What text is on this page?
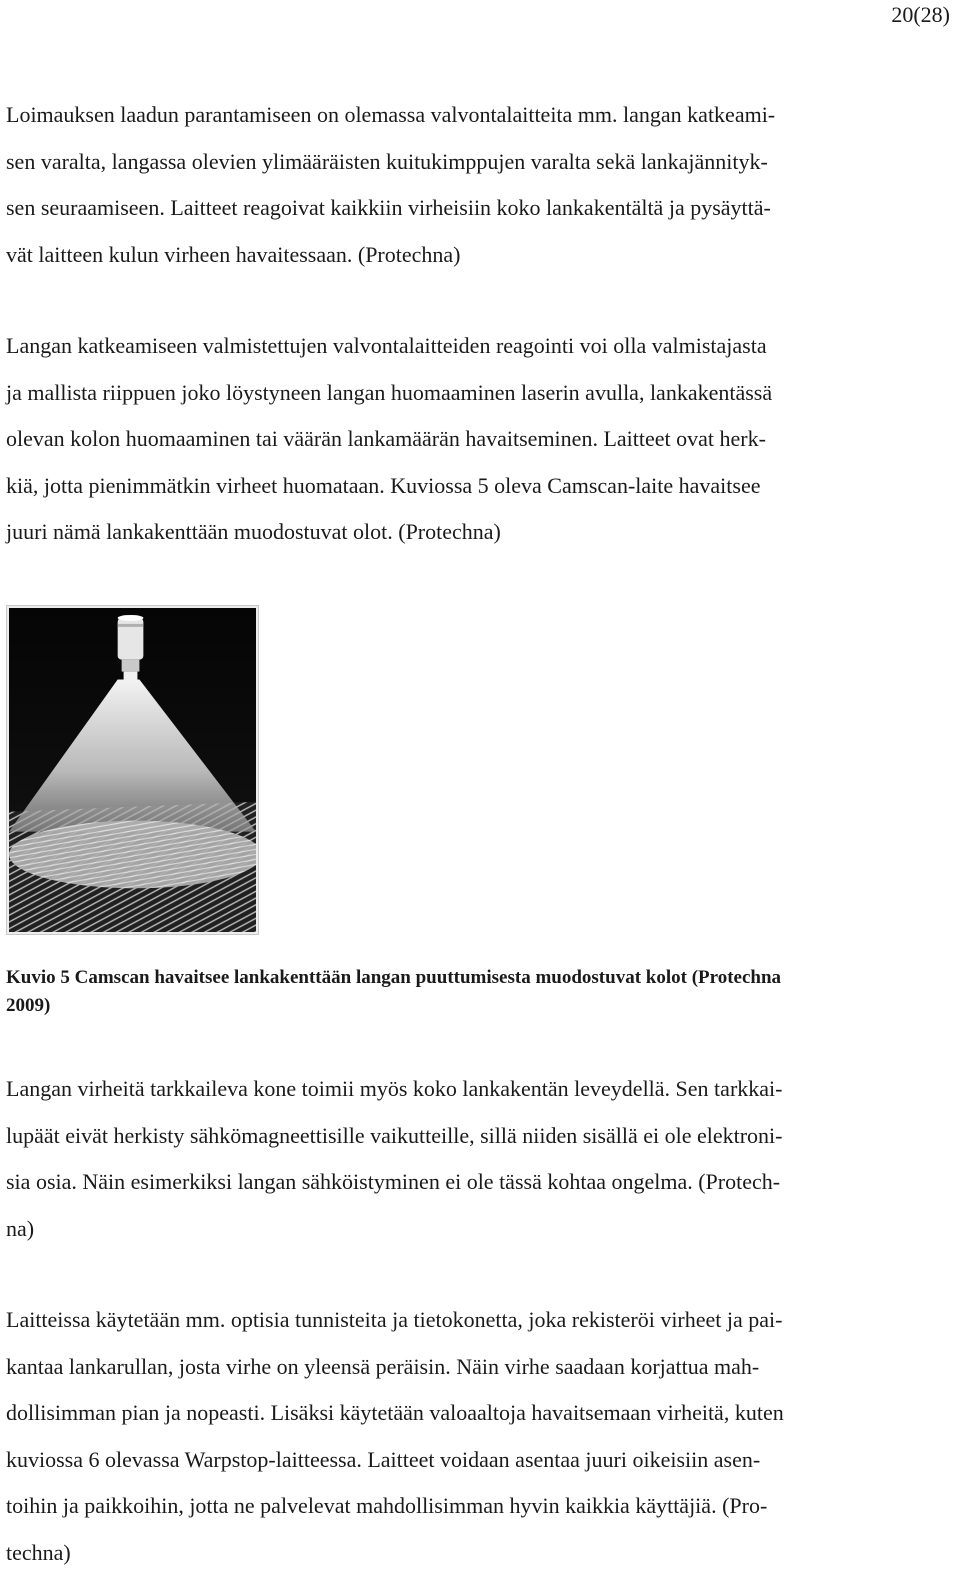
20(28)

Loimauksen laadun parantamiseen on olemassa valvontalaitteita mm. langan katkeami-
sen varalta, langassa olevien ylimääräisten kuitukimppujen varalta sekä lankajännityk-
sen seuraamiseen. Laitteet reagoivat kaikkiin virheisiin koko lankakentältä ja pysäyttä-
vät laitteen kulun virheen havaitessaan. (Protechna)

Langan katkeamiseen valmistettujen valvontalaitteiden reagointi voi olla valmistajasta
ja mallista riippuen joko löystyneen langan huomaaminen laserin avulla, lankakentässä
olevan kolon huomaaminen tai väärän lankamäärän havaitseminen. Laitteet ovat herk-
kiä, jotta pienimmätkin virheet huomataan. Kuviossa 5 oleva Camscan-laite havaitsee
juuri nämä lankakenttään muodostuvat olot. (Protechna)

Kuvio 5 Camscan havaitsee lankakenttään langan puuttumisesta muodostuvat kolot (Protechna
2009)

Langan virheitä tarkkaileva kone toimii myös koko lankakentän leveydellä. Sen tarkkai-
lupäät eivät herkisty sähkömagneettisille vaikutteille, sillä niiden sisällä ei ole elektroni-
sia osia. Näin esimerkiksi langan sähköistyminen ei ole tässä kohtaa ongelma. (Protech-
na)

Laitteissa käytetään mm. optisia tunnisteita ja tietokonetta, joka rekisteröi virheet ja pai-
kantaa lankarullan, josta virhe on yleensä peräisin. Näin virhe saadaan korjattua mah-
dollisimman pian ja nopeasti. Lisäksi käytetään valoaaltoja havaitsemaan virheitä, kuten
kuviossa 6 olevassa Warpstop-laitteessa. Laitteet voidaan asentaa juuri oikeisiin asen-
toihin ja paikkoihin, jotta ne palvelevat mahdollisimman hyvin kaikkia käyttäjiä. (Pro-
techna)
